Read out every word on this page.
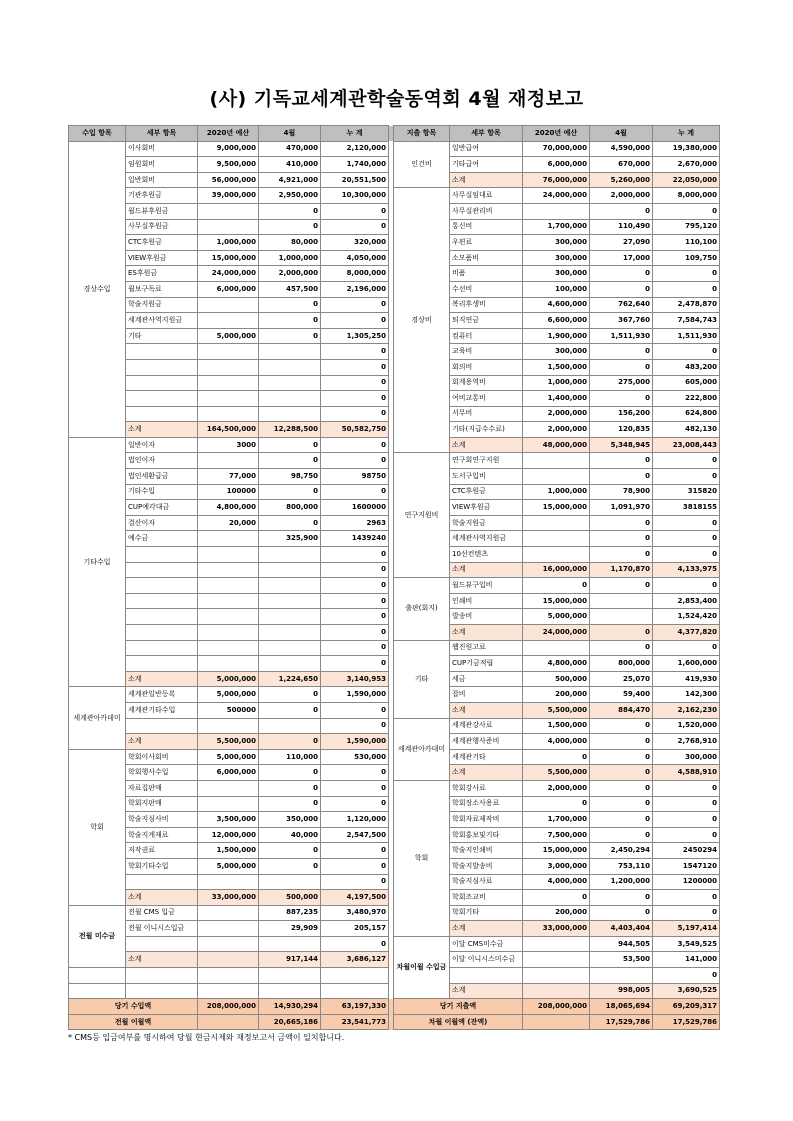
(사) 기독교세계관학술동역회 4월 재정보고
수입 항목	세부 항목	2020년 예산	4월	누 계		지출 항목	세부 항목	2020년 예산	4월	누 계
경상수입	이사회비	9,000,000	470,000	2,120,000		인건비	일반급여	70,000,000	4,590,000	19,380,000
	임원회비	9,500,000	410,000	1,740,000			기타급여	6,000,000	670,000	2,670,000
	일반회비	56,000,000	4,921,000	20,551,500			소계	76,000,000	5,260,000	22,050,000
	기관후원금	39,000,000	2,950,000	10,300,000		경상비	사무실임대료	24,000,000	2,000,000	8,000,000
	월드뷰후원금		0	0			사무실관리비		0	0
	사무실후원금		0	0			통신비	1,700,000	110,490	795,120
	CTC후원금	1,000,000	80,000	320,000			우편료	300,000	27,090	110,100
	VIEW후원금	15,000,000	1,000,000	4,050,000			소모품비	300,000	17,000	109,750
	ES후원금	24,000,000	2,000,000	8,000,000			비품	300,000	0	0
	월보구독료	6,000,000	457,500	2,196,000			수선비	100,000	0	0
	학술지원금		0	0			복리후생비	4,600,000	762,640	2,478,870
	세계관사역지원금		0	0			퇴직연금	6,600,000	367,760	7,584,743
	기타	5,000,000	0	1,305,250			컴퓨터	1,900,000	1,511,930	1,511,930
				0			교육비	300,000	0	0
				0			회의비	1,500,000	0	483,200
				0			회계용역비	1,000,000	275,000	605,000
				0			여비교통비	1,400,000	0	222,800
				0			서무비	2,000,000	156,200	624,800
	소계	164,500,000	12,288,500	50,582,750			기타(지급수수료)	2,000,000	120,835	482,130
기타수입	일반이자	3000	0	0			소계	48,000,000	5,348,945	23,008,443
	법인이자		0	0		연구지원비	연구회연구지원		0	0
	법인세환급금	77,000	98,750	98750			도서구입비		0	0
	기타수입	100000	0	0			CTC후원금	1,000,000	78,900	315820
	CUP예각대금	4,800,000	800,000	1600000			VIEW후원금	15,000,000	1,091,970	3818155
	결산이자	20,000	0	2963			학술지원금		0	0
	예수금		325,900	1439240			세계관사역지원금		0	0
				0			10선컨텐츠		0	0
				0			소계	16,000,000	1,170,870	4,133,975
				0		출판(회지)	월드뷰구입비	0	0	0
				0			인쇄비	15,000,000		2,853,400
				0			발송비	5,000,000		1,524,420
				0			소계	24,000,000	0	4,377,820
				0		기타	웹진원고료		0	0
				0			CUP기금적립	4,800,000	800,000	1,600,000
	소계	5,000,000	1,224,650	3,140,953			세금	500,000	25,070	419,930
세계관아카데미	세계관일반등록	5,000,000	0	1,590,000			잡비	200,000	59,400	142,300
	세계관기타수입	500000	0	0			소계	5,500,000	884,470	2,162,230
				0		세계관아카데미	세계관강사료	1,500,000	0	1,520,000
	소계	5,500,000	0	1,590,000			세계관행사준비	4,000,000	0	2,768,910
학회	학회이사회비	5,000,000	110,000	530,000			세계관기타	0	0	300,000
	학회행사수입	6,000,000	0	0			소계	5,500,000	0	4,588,910
	자료집판매		0	0		학회	학회강사료	2,000,000	0	0
	학회지판매		0	0			학회장소사용료	0	0	0
	학술지심사비	3,500,000	350,000	1,120,000			학회자료제작비	1,700,000	0	0
	학술지게재료	12,000,000	40,000	2,547,500			학회홍보및기타	7,500,000	0	0
	저작권료	1,500,000	0	0			학술지인쇄비	15,000,000	2,450,294	2450294
	학회기타수입	5,000,000	0	0			학술지발송비	3,000,000	753,110	1547120
				0			학술지심사료	4,000,000	1,200,000	1200000
	소계	33,000,000	500,000	4,197,500			학회조교비	0	0	0
전월 미수금	전월 CMS 입금		887,235	3,480,970			학회기타	200,000	0	0
	전월 이니시스입금		29,909	205,157			소계	33,000,000	4,403,404	5,197,414
				0		차월이월 수입금	이달 CMS미수금		944,505	3,549,525
	소계		917,144	3,686,127			이달 이니시스미수금		53,500	141,000
										0
							소계		998,005	3,690,525
당기 수입액		208,000,000	14,930,294	63,197,330		당기 지출액		208,000,000	18,065,694	69,209,317
전월 이월액			20,665,186	23,541,773		차월 이월액 (잔액)			17,529,786	17,529,786
* CMS등 입금여부를 명시하여 당월 현금시제와 재정보고서 금액이 일치합니다.
